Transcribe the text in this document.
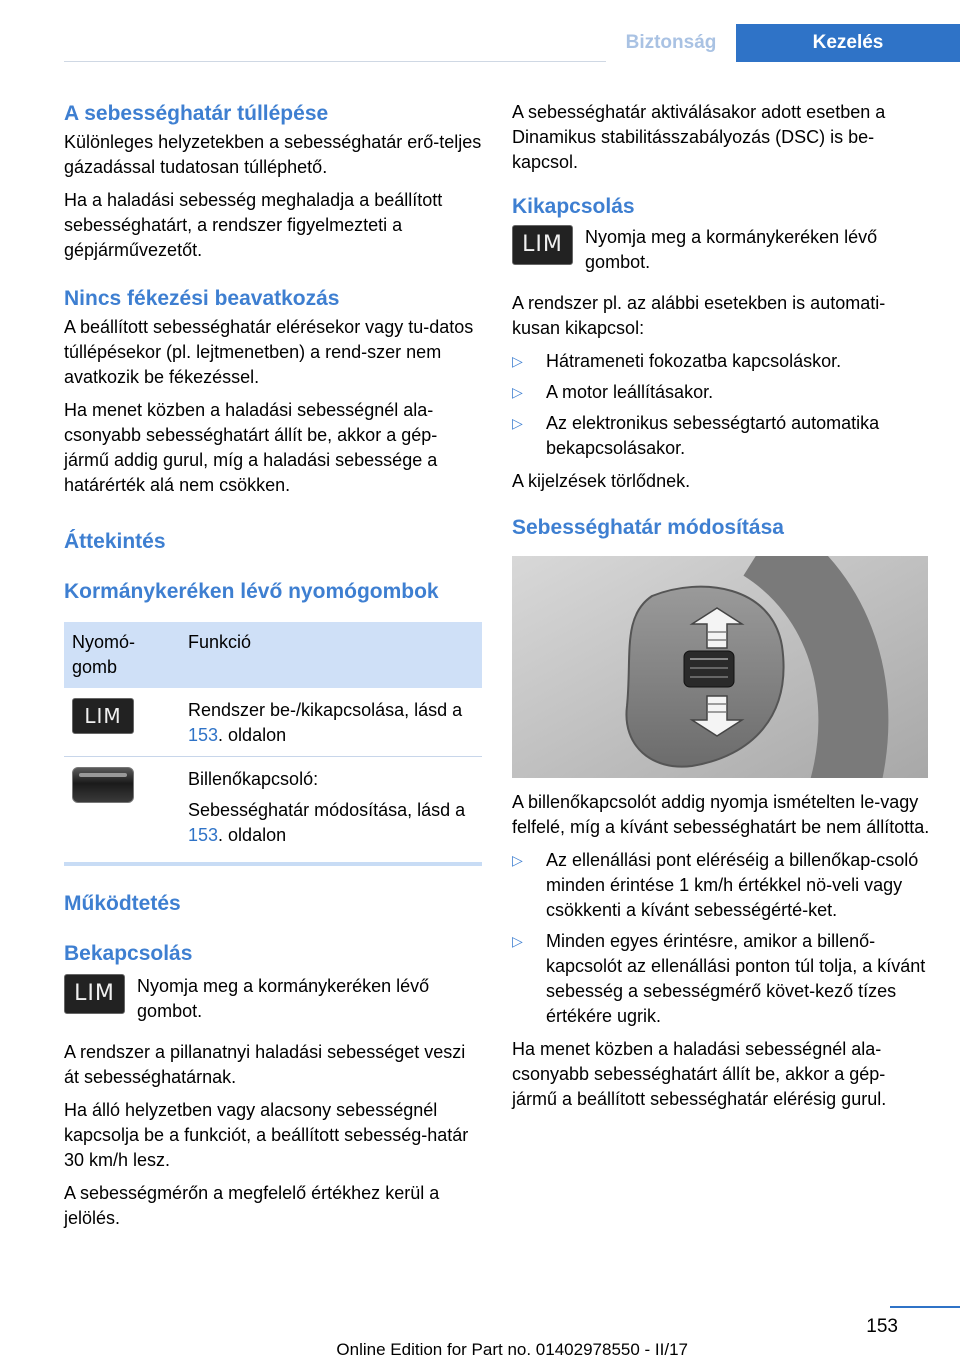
Biztonság	Kezelés
A sebességhatár túllépése

Különleges helyzetekben a sebességhatár erő-teljes gázadással tudatosan túlléphető.

Ha a haladási sebesség meghaladja a beállított sebességhatárt, a rendszer figyelmezteti a gépjárművezetőt.

Nincs fékezési beavatkozás

A beállított sebességhatár elérésekor vagy tu-datos túllépésekor (pl. lejtmenetben) a rend-szer nem avatkozik be fékezéssel.

Ha menet közben a haladási sebességnél ala-csonyabb sebességhatárt állít be, akkor a gép-jármű addig gurul, míg a haladási sebessége a határérték alá nem csökken.

Áttekintés
Kormánykeréken lévő nyomógombok
Nyomó-gomb	Funkció
LIM	Rendszer be-/kikapcsolása, lásd a 153. oldalon

	Billenőkapcsoló:

Sebességhatár módosítása, lásd a 153. oldalon

Működtetés
Bekapcsolás
LIM	Nyomja meg a kormánykeréken lévő gombot.

A rendszer a pillanatnyi haladási sebességet veszi át sebességhatárnak.

Ha álló helyzetben vagy alacsony sebességnél kapcsolja be a funkciót, a beállított sebesség-határ 30 km/h lesz.

A sebességmérőn a megfelelő értékhez kerül a jelölés.

A sebességhatár aktiválásakor adott esetben a Dinamikus stabilitásszabályozás (DSC) is be-kapcsol.

Kikapcsolás
LIM	Nyomja meg a kormánykeréken lévő gombot.

A rendszer pl. az alábbi esetekben is automati-kusan kikapcsol:

▷ Hátrameneti fokozatba kapcsoláskor.
▷ A motor leállításakor.
▷ Az elektronikus sebességtartó automatika bekapcsolásakor.

A kijelzések törlődnek.

Sebességhatár módosítása

A billenőkapcsolót addig nyomja ismételten le-vagy felfelé, míg a kívánt sebességhatárt be nem állította.

▷ Az ellenállási pont eléréséig a billenőkap-csoló minden érintése 1 km/h értékkel nö-veli vagy csökkenti a kívánt sebességérté-ket.
▷ Minden egyes érintésre, amikor a billenő-kapcsolót az ellenállási ponton túl tolja, a kívánt sebesség a sebességmérő követ-kező tízes értékére ugrik.

Ha menet közben a haladási sebességnél ala-csonyabb sebességhatárt állít be, akkor a gép-jármű a beállított sebességhatár elérésig gurul.

153
Online Edition for Part no. 01402978550 - II/17
